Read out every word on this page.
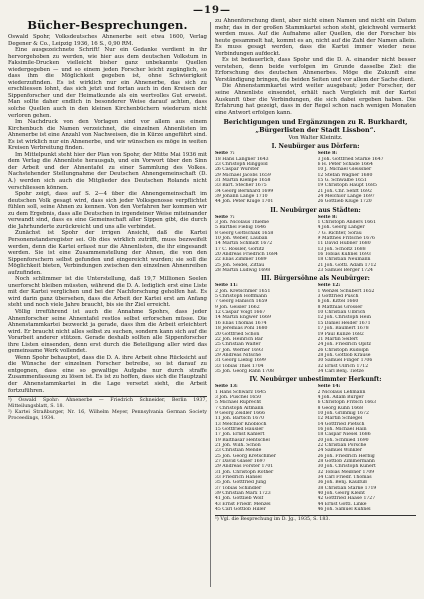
—19—
Bücher-Besprechungen.

Oswald Spohr, Volksdeutsches Ahnenerbe seit etwa 1600, Verlag Degener & Co., Leipzig 1936, 16 S., 0,90 RM.

Eine ausgezeichnete Schrift! Nur ein Gedanke verdient in ihr hervorgehoben zu werden, wie hier aus dem deutschen Volkstum in Faksimile-Drucken vielleicht bisher ganz unbekannte Quellen wiedergegeben — und so einem jeden Forscher leicht zugänglich, so dass ihm die Möglichkeit gegeben ist, ohne Schwierigkeit wiederzufinden. Es ist wirklich nur ein Ahnenerbe, das sich zu erschliessen lohnt, das sich jetzt und fortan auch in den Kreisen der Sippenforscher und der Heimatkunde als ein wertvolles Gut erweist. Man sollte daher endlich in besonderer Weise darauf achten, dass solche Quellen auch in den kleinen Kirchenbüchern wiederum nicht verloren gehen.

Im Nachdruck von den Vorlagen sind vor allem aus einem Kirchenbuch die Namen verzeichnet, die einzelnen Ahnenlisten im Ahnenerbe ist eine Anzahl von Nachweisen, die in Kürze angeführt sind. Es ist wirklich nur ein Ahnenerbe, und wir wünschen es möge in weiten Kreisen Verbreitung finden.

Im Mittelpunkt steht hier der Plan von Spohr, der Mitte Mai 1936 mit dem Verlag die Ahnenliste herausgab, und ein Vorwort über den Sinn der Arbeit und der Ahnentafel zu einer Sammlung des Volkes. Nachstehender Stellungnahme der Deutschen Ahnengemeinschaft (D. A.) werden sich auch die Mitglieder des Deutschen Rolands nicht verschliessen können.

Spohr zeigt, dass auf S. 2—4 über die Ahnengemeinschaft im deutschen Volk gesagt wird, dass sich jeder Volksgenosse verpflichtet fühlen soll, seine Ahnen zu kennen. Von den Vorfahren her kommen wir zu dem Ergebnis, dass alle Deutschen in irgendeiner Weise miteinander verwandt sind, dass es eine Gemeinschaft aller Sippen gibt, die durch die Jahrhunderte zurückreicht und uns alle verbindet.

Zunächst ist Spohr der irrigen Ansicht, daß die Kartei Personenstandsregister sei. Ob dies wirklich zutrifft, muss bezweifelt werden, denn die Kartei erfasst nur die Ahnenlisten, die ihr eingesandt werden. Sie ist eine Zusammenstellung der Ahnen, die von den Sippenforschern selbst gefunden und eingereicht wurden; sie soll die Möglichkeit bieten, Verbindungen zwischen den einzelnen Ahnenreihen aufzufinden.

Noch schlimmer ist die Unterstellung, daß 19,7 Millionen Seelen unerforscht bleiben müssten, während die D. A. lediglich erst eine Liste mit der Kartei verglichen und bei der Nachforschung geholfen hat. Es wird darin ganz übersehen, dass die Arbeit der Kartei erst am Anfang steht und noch viele Jahre braucht, bis sie ihr Ziel erreicht.

Völlig irreführend ist auch die Annahme Spohrs, dass jeder Ahnenforscher seine Ahnentafel restlos selbst erforschen müsse. Die Ahnenstammkartei bezweckt ja gerade, dass ihm die Arbeit erleichtert wird. Er braucht nicht alles selbst zu suchen, sondern kann sich auf die Vorarbeit anderer stützen. Gerade deshalb sollten alle Sippenforscher ihre Listen einsenden, denn erst durch die Beteiligung aller wird das gemeinsame Werk vollendet.

Wenn Spohr behauptet, dass die D. A. ihre Arbeit ohne Rücksicht auf die Wünsche der einzelnen Forscher betreibe, so ist darauf zu entgegnen, dass eine so gewaltige Aufgabe nur durch straffe Zusammenfassung zu lösen ist. Es ist zu hoffen, dass sich die Hauptzahl der Ahnenstammkartei in die Lage versetzt sieht, die Arbeit fortzuführen.

¹) Oswald Spohr: Ahnenerbe — Friedrich Schneider, Berlin 1937, Mitteilungsblatt, S. 18.

²) Kartei Straßburger, Nr. 16, Wilhelm Meyer, Pennsylvania German Society Proceedings, 1934.

zu Ahnenforschung dient, aber nicht einen Namen und nicht ein Datum mehr, das in der großen Stammkartei schon steht, gleichwohl vermerkt werden muss. Auf die Aufnahme aller Quellen, die der Forscher bis heute gesammelt hat, kommt es an, nicht auf die Zahl der Namen allein. Es muss gesagt werden, dass die Kartei immer wieder neue Verbindungen aufdeckt.

Es ist bedauerlich, dass Spohr und die D. A. einander nicht besser verstehen, denn beide verfolgen im Grunde dasselbe Ziel: die Erforschung des deutschen Ahnenerbes. Möge die Zukunft eine Verständigung bringen, die beiden Seiten und vor allem der Sache dient.

Die Ahnenstammkartei wird weiter ausgebaut; jeder Forscher, der seine Ahnenliste einsendet, erhält nach Vergleich mit der Kartei Auskunft über die Verbindungen, die sich dabei ergeben haben. Die Erfahrung hat gezeigt, dass in der Regel schon nach wenigen Monaten eine Antwort erfolgen kann.

Berichtigungen und Ergänzungen zu R. Burkhardt, „Bürgerlisten der Stadt Lissbon“.
Von Walter Kleinitz.
I. Neubürger aus Dörfern:
Seite 7:
18 Hans Langner 1643
23 Christoph Ringgold
26 Caspar Wurster
29 Michael Jacobs 1659
31 Martin Klempe 1658
33 Bart. Stecher 1675
34 Georg Bernhard 1699
39 Johann Lange 1710
44 Joh. Peter Kluge 1701
Seite 8:
3 Joh. Gottfried Starke 1647
6 H. Peter Schade 1664
10 J. Michael Gleissner
12 Stefan Wagner 1680
15 G. Schwalbe 1651
19 Christoph Haupt 1685
21 Joh. Chr. Senft 1692
24 Melchior Lange 1697
26 Gottlieb Kluge 1720
II. Neubürger aus Städten:
Seite 7:
3 Joh. Nicolaus Thieme
5 Barthel Fiebig 1646
8 Georg Gottschalk 1658
10 Joh. Weber, Lauban
14 Martin Schmidt 1672
17 C. Rössler, Görlitz
20 Andreas Friedrich 1684
22 Elias Zimmer 1689
25 Joh. Seidel, Zittau
28 Martin Ludwig 1698
Seite 8:
1 Christoph Anders 1661
4 Joh. Georg Langer
7 G. Richter, Sorau
9 Matthes Fritsche 1676
11 David Hübner 1680
13 Joh. Scholtz 1688
16 Tobias Kühnel 1693
18 Christian Neumann
21 Joh. Gottl. Adam 1712
23 Samuel Berger 1724
III. Bürgersöhne als Neubürger:
Seite 11:
2 Joh. Kretschmer 1651
5 Christoph Hoffmann
7 Georg Hanisch 1659
9 Joh. Geisler 1662
12 Caspar Voigt 1667
14 Martin Engwer 1669
16 Elias Thomas 1674
18 Jeremias Pohl 1680
20 Gottfried Schön
22 Joh. Heinrich Bär
25 Christian Walter
27 Joh. Werner 1693
29 Andreas Nitsche
31 Georg Liebig 1699
33 Tobias Thiel 1704
35 Joh. Georg Rahn 1708
Seite 12:
1 Wenzel Schubert 1652
3 Gottfried Pusch
6 Joh. Kittel 1660
8 Matthias Grosser
10 Christian Ulbrich
12 Joh. Christoph Hein
15 Daniel Heider 1671
17 Joh. Baumert 1678
19 Paul Kunze 1682
21 Martin Seifert
24 Joh. Friedrich Opitz
26 Christoph Rudolph
28 Joh. Gottlob Krause
30 Samuel Finger 1706
32 Ernst Ullrich 1712
34 Carl Benj. Tietze
IV. Neubürger unbestimmter Herkunft:
Seite 13:
1 Hans Schwarz 1645
3 Joh. Püschel 1650
5 Michael Ruprecht
7 Christoph Altmann
9 Georg Zeidler 1666
11 Joh. Bartsch 1670
13 Melchior Knobloch
15 Gottfried Häusler
17 Joh. Ernst Kahlert
19 Balthasar Hentschel
21 Joh. Wilh. Schön
23 Christian Mende
25 Joh. Georg Kretschmer
27 David Glaser 1697
29 Andreas Förster 1701
31 Joh. Christoph Rother
33 Friedrich Hänsel
35 Joh. Gottfried Jung
37 Tobias Schindler
39 Christian Marx 1723
41 Joh. Gottlieb Wolf
43 Ernst Friedr. Menzel
45 Carl Gottlob Hiller
Seite 14:
2 Nicolaus Lehmann
4 Joh. Adam Bürger
6 Christoph Fritsch 1663
8 Georg Kühn 1668
10 Joh. Grimmig 1672
12 Martin Schlegel
14 Gottfried Pietsch
16 Joh. Michael Hain
18 Caspar Niesel 1686
20 Joh. Schmied 1690
22 Christian Porsche
24 Samuel Winkler
26 Joh. Friedrich Herbig
28 Gottlob Zimmermann
30 Joh. Christoph Kunert
32 Tobias Meißner 1709
34 Carl Friedr. Thomas
36 Joh. Benj. Kaulfuß
38 Christian Starke 1719
40 Joh. Georg Kleint
42 Gottfried Haase 1727
44 Ernst Gottl. Linke
46 Joh. Samuel Kühnel
¹) Vgl. die Besprechung im D. Jg., 1935, S. 183.
